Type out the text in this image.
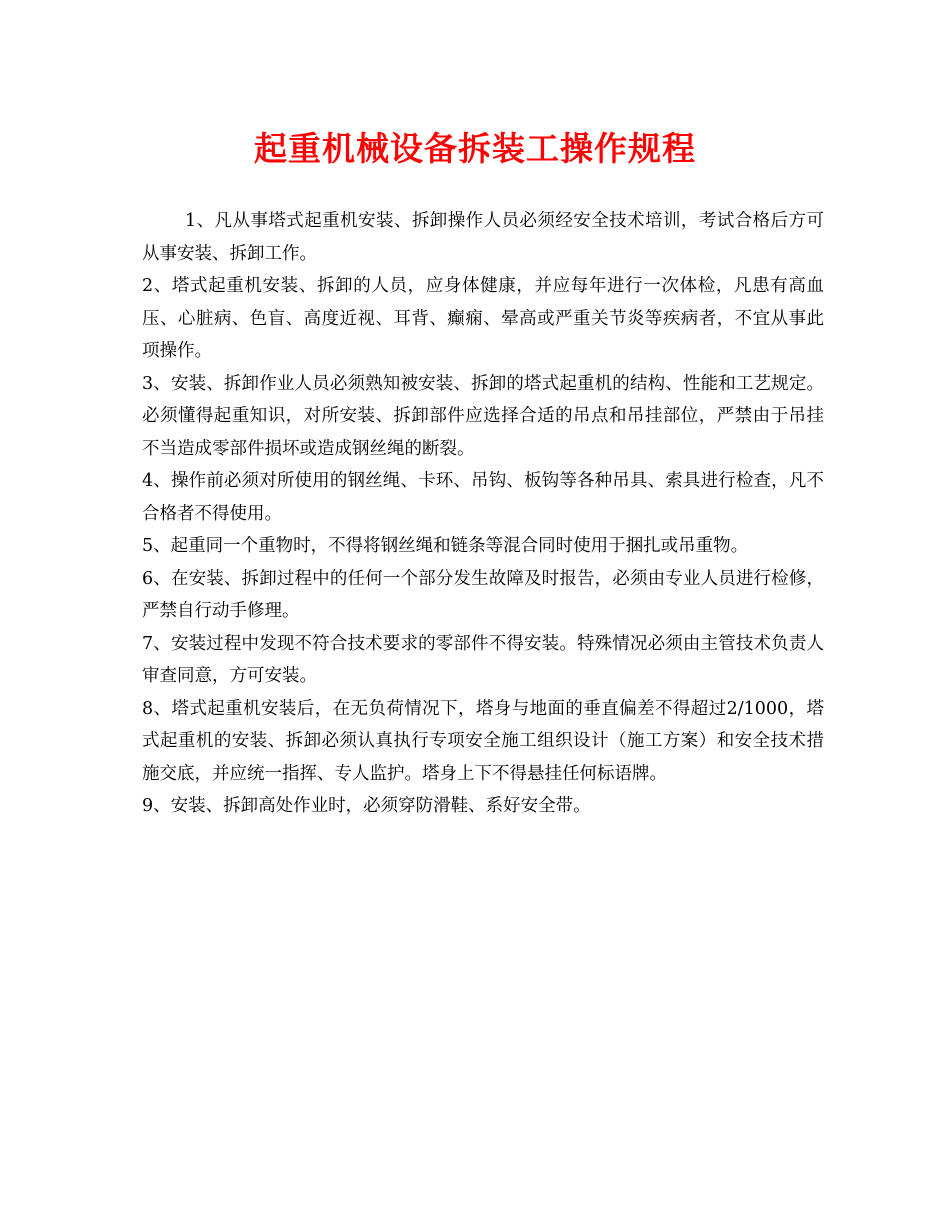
起重机械设备拆装工操作规程

1、凡从事塔式起重机安装、拆卸操作人员必须经安全技术培训，考试合格后方可从事安装、拆卸工作。

2、塔式起重机安装、拆卸的人员，应身体健康，并应每年进行一次体检，凡患有高血压、心脏病、色盲、高度近视、耳背、癫痫、晕高或严重关节炎等疾病者，不宜从事此项操作。

3、安装、拆卸作业人员必须熟知被安装、拆卸的塔式起重机的结构、性能和工艺规定。必须懂得起重知识，对所安装、拆卸部件应选择合适的吊点和吊挂部位，严禁由于吊挂不当造成零部件损坏或造成钢丝绳的断裂。

4、操作前必须对所使用的钢丝绳、卡环、吊钩、板钩等各种吊具、索具进行检查，凡不合格者不得使用。

5、起重同一个重物时，不得将钢丝绳和链条等混合同时使用于捆扎或吊重物。

6、在安装、拆卸过程中的任何一个部分发生故障及时报告，必须由专业人员进行检修，严禁自行动手修理。

7、安装过程中发现不符合技术要求的零部件不得安装。特殊情况必须由主管技术负责人审查同意，方可安装。

8、塔式起重机安装后，在无负荷情况下，塔身与地面的垂直偏差不得超过2/1000，塔式起重机的安装、拆卸必须认真执行专项安全施工组织设计（施工方案）和安全技术措施交底，并应统一指挥、专人监护。塔身上下不得悬挂任何标语牌。

9、安装、拆卸高处作业时，必须穿防滑鞋、系好安全带。
